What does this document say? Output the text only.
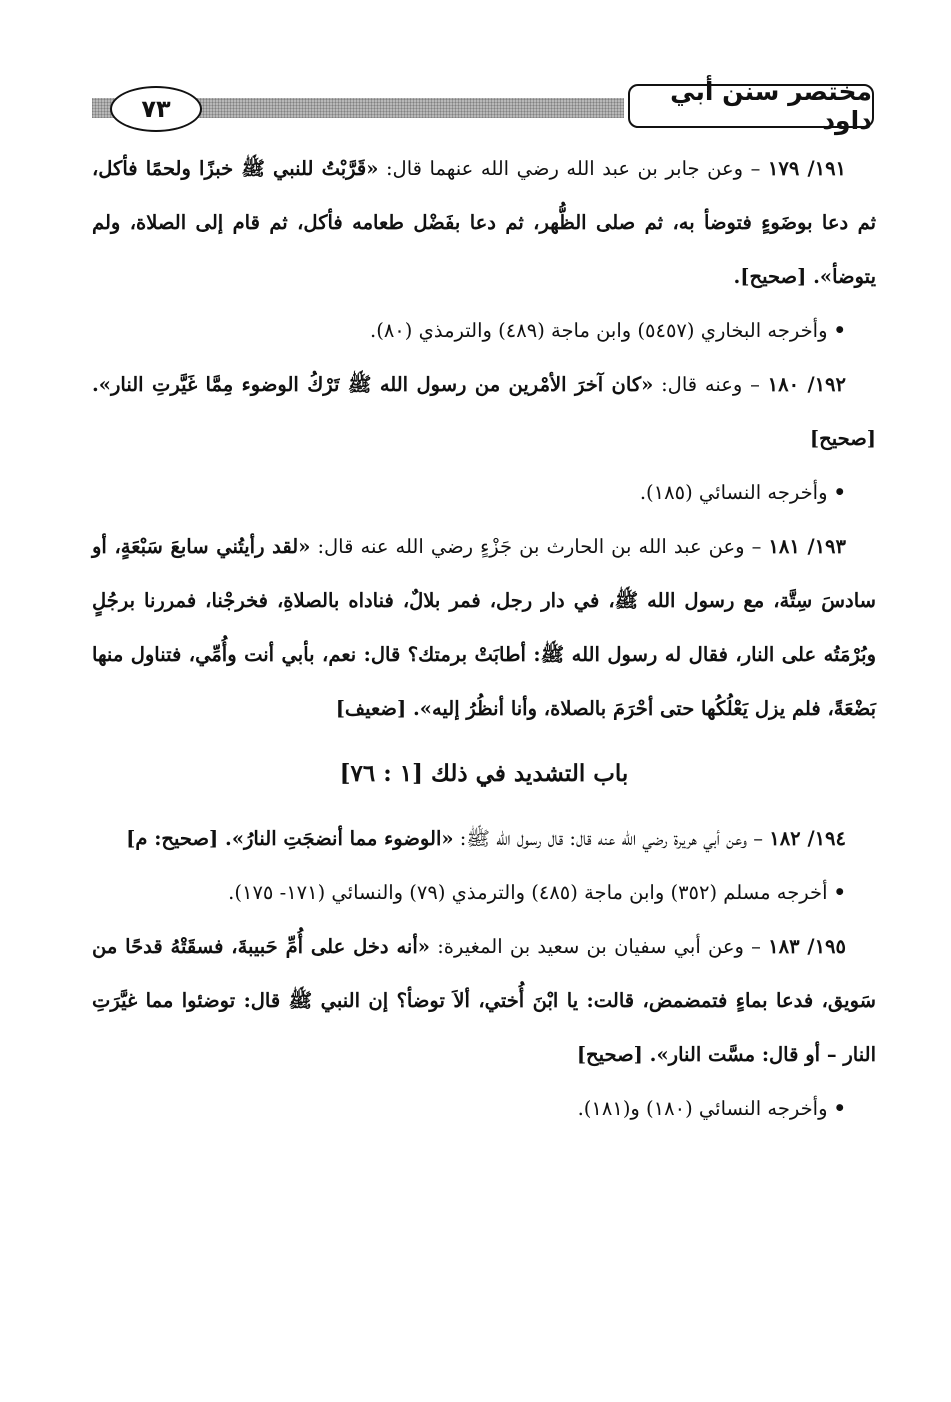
٧٣
مختصر سنن أبي داود

١٩١/ ١٧٩ – وعن جابر بن عبد الله رضي الله عنهما قال: «قَرَّبْتُ للنبي ﷺ خبزًا ولحمًا فأكل، ثم دعا بوضَوءٍ فتوضأ به، ثم صلى الظُّهر، ثم دعا بفَضْل طعامه فأكل، ثم قام إلى الصلاة، ولم يتوضأ». [صحيح].

•وأخرجه البخاري (٥٤٥٧) وابن ماجة (٤٨٩) والترمذي (٨٠).

١٩٢/ ١٨٠ – وعنه قال: «كان آخرَ الأمْرين من رسول الله ﷺ تَرْكُ الوضوء مِمَّا غَيَّرتِ النار». [صحيح]

•وأخرجه النسائي (١٨٥).

١٩٣/ ١٨١ – وعن عبد الله بن الحارث بن جَزْءٍ رضي الله عنه قال: «لقد رأيتُني سابعَ سَبْعَةٍ، أو سادسَ سِتَّة، مع رسول الله ﷺ، في دار رجل، فمر بلالٌ، فناداه بالصلاةِ، فخرجْنا، فمررنا برجُلٍ وبُرْمَتُه على النار، فقال له رسول الله ﷺ: أطابَتْ برمتك؟ قال: نعم، بأبي أنت وأُمِّي، فتناول منها بَضْعَةً، فلم يزل يَعْلُكُها حتى أحْرَمَ بالصلاة، وأنا أنظُرُ إليه». [ضعيف]

باب التشديد في ذلك [١ : ٧٦]

١٩٤/ ١٨٢ – وعن أبي هريرة رضي الله عنه قال: قال رسول الله ﷺ: «الوضوء مما أنضجَتِ النارُ». [صحيح: م]

•أخرجه مسلم (٣٥٢) وابن ماجة (٤٨٥) والترمذي (٧٩) والنسائي (١٧١- ١٧٥).

١٩٥/ ١٨٣ – وعن أبي سفيان بن سعيد بن المغيرة: «أنه دخل على أُمِّ حَبيبةَ، فسقَتْهُ قدحًا من سَويق، فدعا بماءٍ فتمضمض، قالت: يا ابْنَ أُختي، ألاَ توضأ؟ إن النبي ﷺ قال: توضئوا مما غيَّرَتِ النار – أو قال: مسَّت النار». [صحيح]

•وأخرجه النسائي (١٨٠) و(١٨١).
